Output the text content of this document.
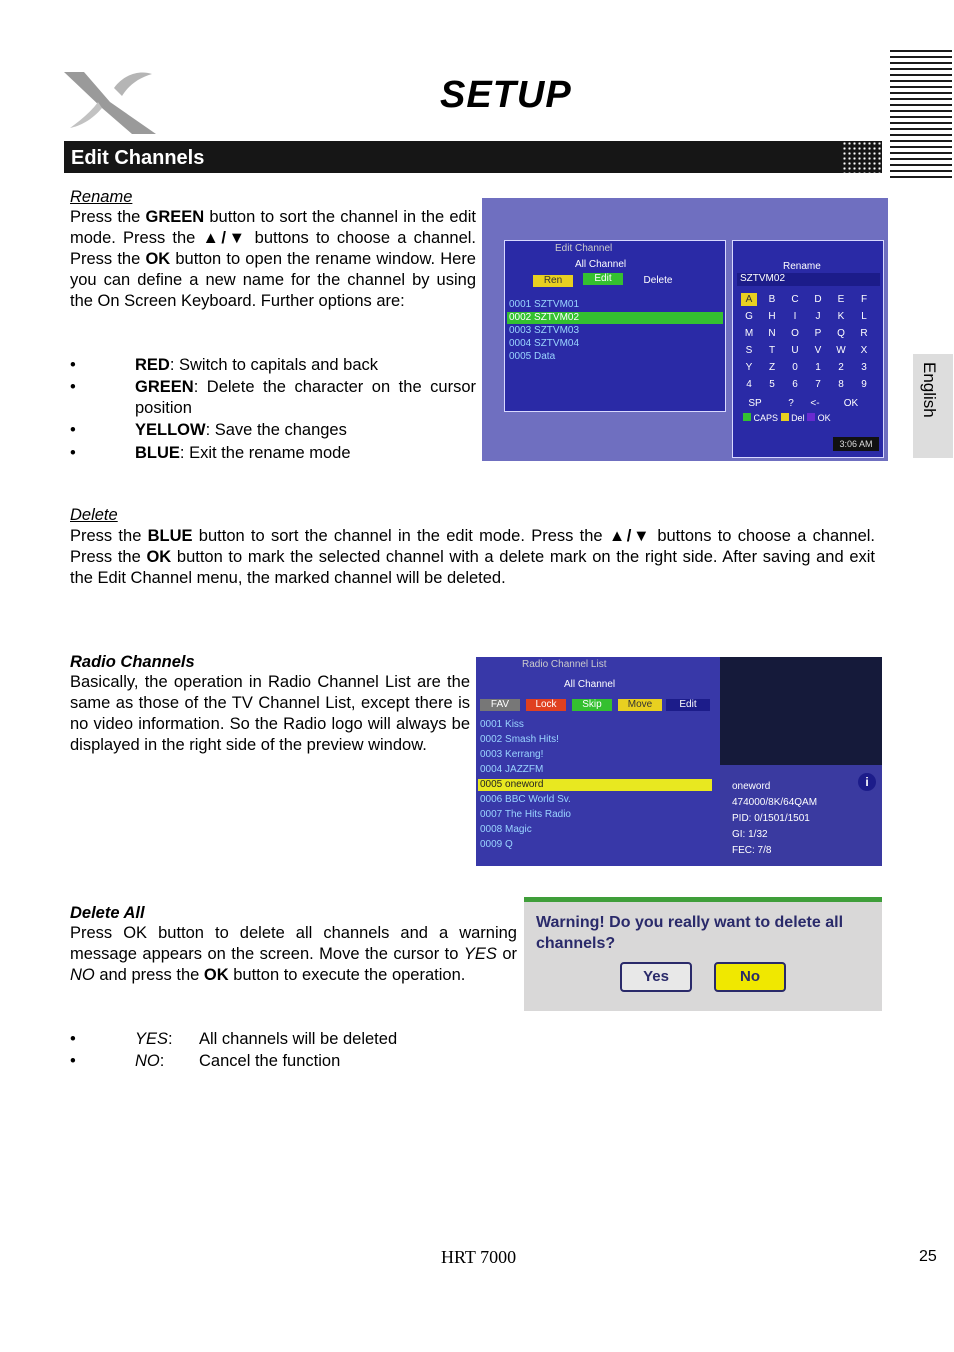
SETUP
Edit Channels
English
Rename
Press the GREEN button to sort the channel in the edit mode. Press the ▲/▼ buttons to choose a channel. Press the OK button to open the rename window. Here you can define a new name for the channel by using the On Screen Keyboard. Further options are:
•	RED: Switch to capitals and back
•	GREEN: Delete the character on the cursor position
•	YELLOW: Save the changes
•	BLUE: Exit the rename mode
Edit Channel
All Channel
Ren	Edit	Delete
0001 SZTVM01
0002 SZTVM02
0003 SZTVM03
0004 SZTVM04
0005 Data
Rename
SZTVM02
A	B	C	D	E	F
G	H	I	J	K	L
M	N	O	P	Q	R
S	T	U	V	W	X
Y	Z	0	1	2	3
4	5	6	7	8	9
SP	?	<-	OK
CAPS Del OK
3:06 AM
Delete
Press the BLUE button to sort the channel in the edit mode. Press the ▲/▼ buttons to choose a channel. Press the OK button to mark the selected channel with a delete mark on the right side. After saving and exit the Edit Channel menu, the marked channel will be deleted.
Radio Channels
Basically, the operation in Radio Channel List are the same as those of the TV Channel List, except there is no video information. So the Radio logo will always be displayed in the right side of the preview window.
Radio Channel List
All Channel
FAV	Lock	Skip	Move	Edit
0001 Kiss
0002 Smash Hits!
0003 Kerrang!
0004 JAZZFM
0005 oneword
0006 BBC World Sv.
0007 The Hits Radio
0008 Magic
0009 Q
i
oneword
474000/8K/64QAM
PID: 0/1501/1501
GI: 1/32
FEC: 7/8
Delete All
Press OK button to delete all channels and a warning message appears on the screen. Move the cursor to YES or NO and press the OK button to execute the operation.
•	YES: All channels will be deleted
•	NO: Cancel the function
Warning! Do you really want to delete all channels?
Yes	No
HRT 7000	25
